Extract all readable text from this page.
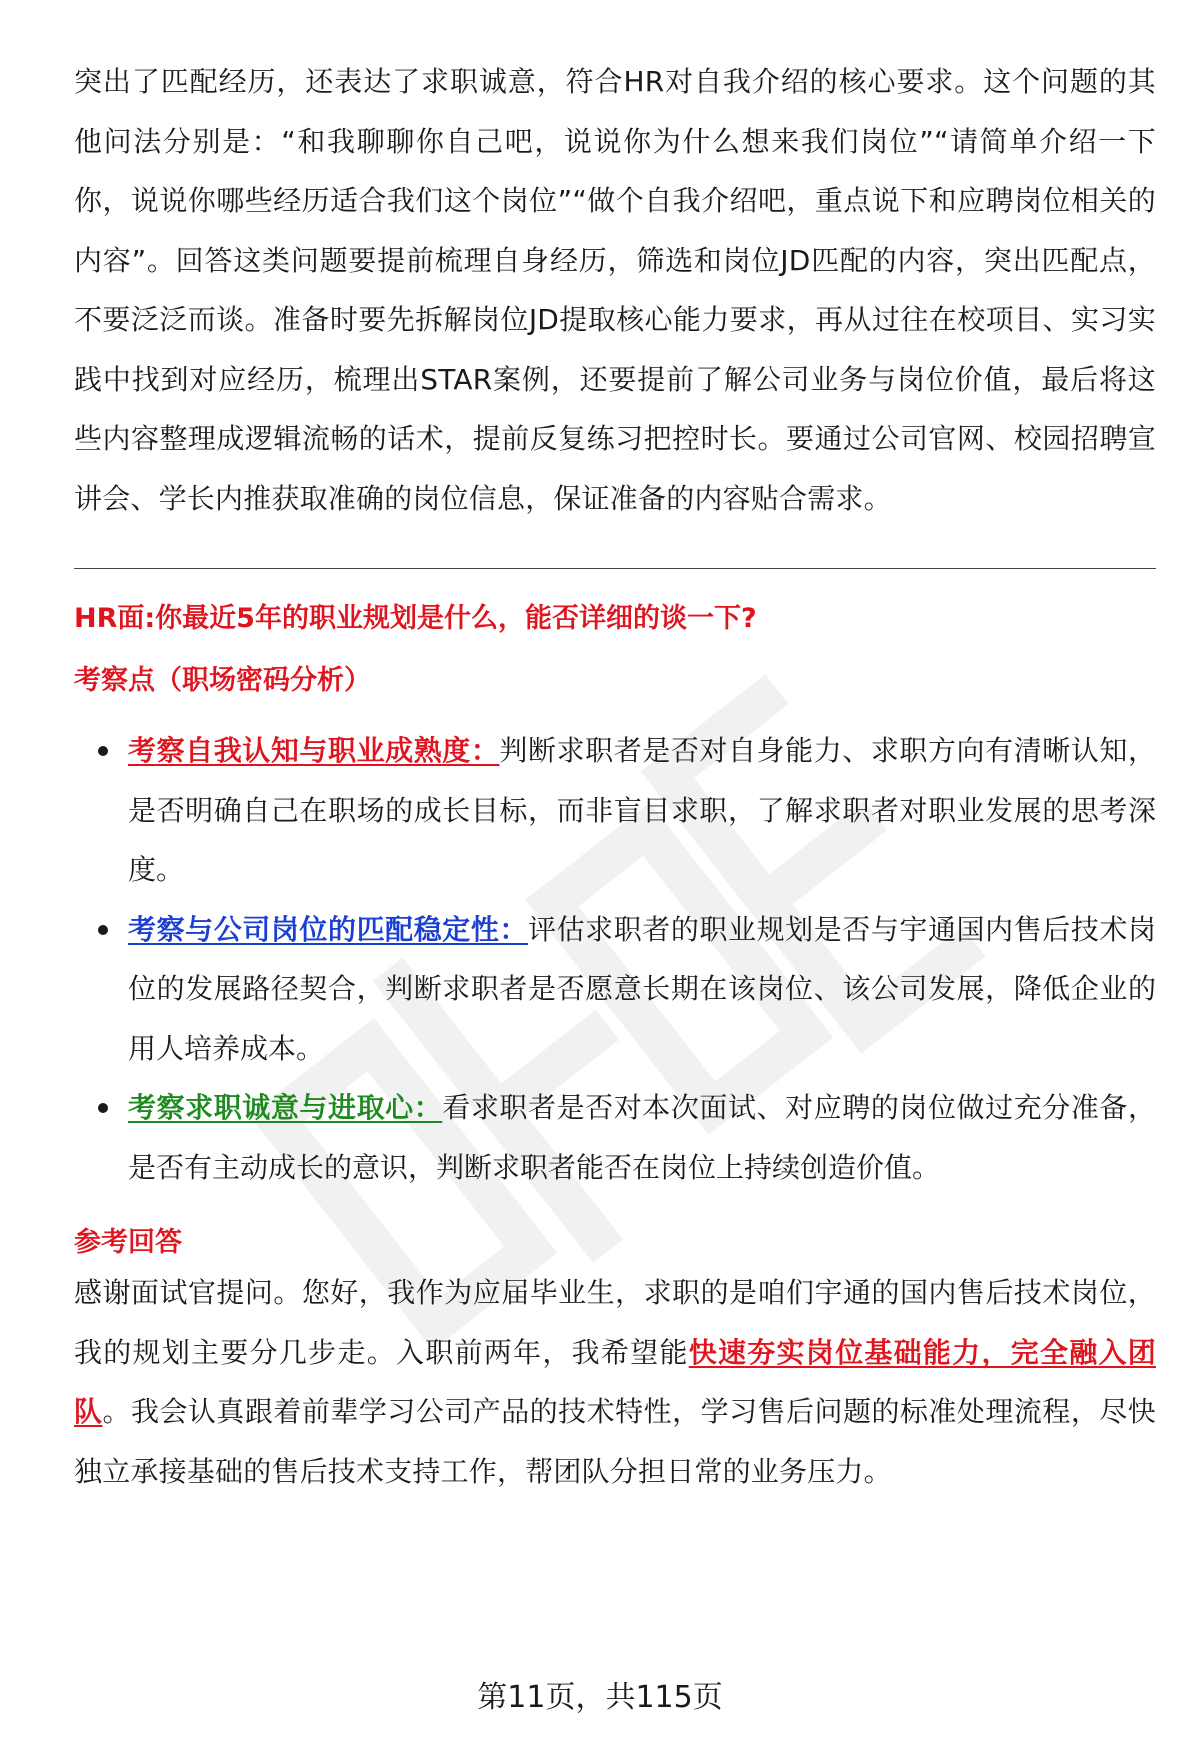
突出了匹配经历，还表达了求职诚意，符合HR对自我介绍的核心要求。这个问题的其他问法分别是：“和我聊聊你自己吧，说说你为什么想来我们岗位”“请简单介绍一下你，说说你哪些经历适合我们这个岗位”“做个自我介绍吧，重点说下和应聘岗位相关的内容”。回答这类问题要提前梳理自身经历，筛选和岗位JD匹配的内容，突出匹配点，不要泛泛而谈。准备时要先拆解岗位JD提取核心能力要求，再从过往在校项目、实习实践中找到对应经历，梳理出STAR案例，还要提前了解公司业务与岗位价值，最后将这些内容整理成逻辑流畅的话术，提前反复练习把控时长。要通过公司官网、校园招聘宣讲会、学长内推获取准确的岗位信息，保证准备的内容贴合需求。

HR面:你最近5年的职业规划是什么，能否详细的谈一下?
考察点（职场密码分析）
考察自我认知与职业成熟度：判断求职者是否对自身能力、求职方向有清晰认知，是否明确自己在职场的成长目标，而非盲目求职，了解求职者对职业发展的思考深度。
考察与公司岗位的匹配稳定性：评估求职者的职业规划是否与宇通国内售后技术岗位的发展路径契合，判断求职者是否愿意长期在该岗位、该公司发展，降低企业的用人培养成本。
考察求职诚意与进取心：看求职者是否对本次面试、对应聘的岗位做过充分准备，是否有主动成长的意识，判断求职者能否在岗位上持续创造价值。
参考回答

感谢面试官提问。您好，我作为应届毕业生，求职的是咱们宇通的国内售后技术岗位，我的规划主要分几步走。入职前两年，我希望能快速夯实岗位基础能力，完全融入团队。我会认真跟着前辈学习公司产品的技术特性，学习售后问题的标准处理流程，尽快独立承接基础的售后技术支持工作，帮团队分担日常的业务压力。

第11页，共115页
